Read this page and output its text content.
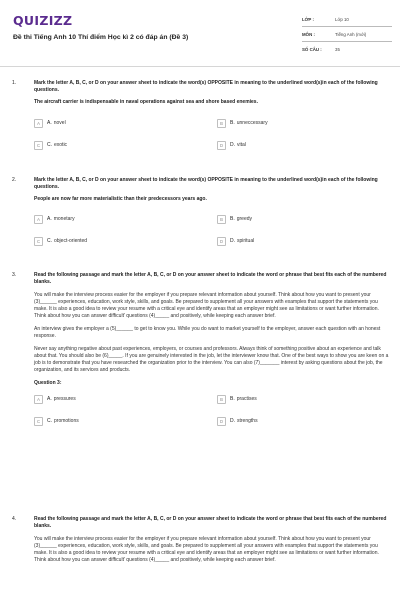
QUIZIZZ
Đề thi Tiếng Anh 10 Thí điểm Học kì 2 có đáp án (Đề 3)
LỚP :	Lớp 10
MÔN :	Tiếng Anh (mới)
SỐ CÂU :	35
1.	Mark the letter A, B, C, or D on your answer sheet to indicate the word(s) OPPOSITE in meaning to the underlined word(s)in each of the following questions.
The aircraft carrier is indispensable in naval operations against sea and shore based enemies.
A	A. novel	B	B. unneccessary
C	C. exotic	D	D. vital
2.	Mark the letter A, B, C, or D on your answer sheet to indicate the word(s) OPPOSITE in meaning to the underlined word(s)in each of the following questions.
People are now far more materialistic than their predecessors years ago.
A	A. monetary	B	B. greedy
C	C. object-oriented	D	D. spiritual
3.	Read the following passage and mark the letter A, B, C, or D on your answer sheet to indicate the word or phrase that best fits each of the numbered blanks.
You will make the interview process easier for the employer if you prepare relevant information about yourself. Think about how you want to present your (3)______ experiences, education, work style, skills, and goals. Be prepared to supplement all your answers with examples that support the statements you make. It is also a good idea to review your resume with a critical eye and identify areas that an employer might see as limitations or want further information. Think about how you can answer difficult' questions (4)_____ and positively, while keeping each answer brief.
An interview gives the employer a (5)______ to get to know you. While you do want to market yourself to the employer, answer each question with an honest response.
Never say anything negative about past experiences, employers, or courses and professors. Always think of something positive about an experience and talk about that. You should also be (6)_____. If you are genuinely interested in the job, let the interviewer know that. One of the best ways to show you are keen on a job is to demonstrate that you have researched the organization prior to the interview. You can also (7)_______ interest by asking questions about the job, the organization, and its services and products.
Question 3:
A	A. pressures	B	B. practises
C	C. promotions	D	D. strengths
4.	Read the following passage and mark the letter A, B, C, or D on your answer sheet to indicate the word or phrase that best fits each of the numbered blanks.
You will make the interview process easier for the employer if you prepare relevant information about yourself. Think about how you want to present your (3)______ experiences, education, work style, skills, and goals. Be prepared to supplement all your answers with examples that support the statements you make. It is also a good idea to review your resume with a critical eye and identify areas that an employer might see as limitations or want further information. Think about how you can answer difficult' questions (4)_____ and positively, while keeping each answer brief.
